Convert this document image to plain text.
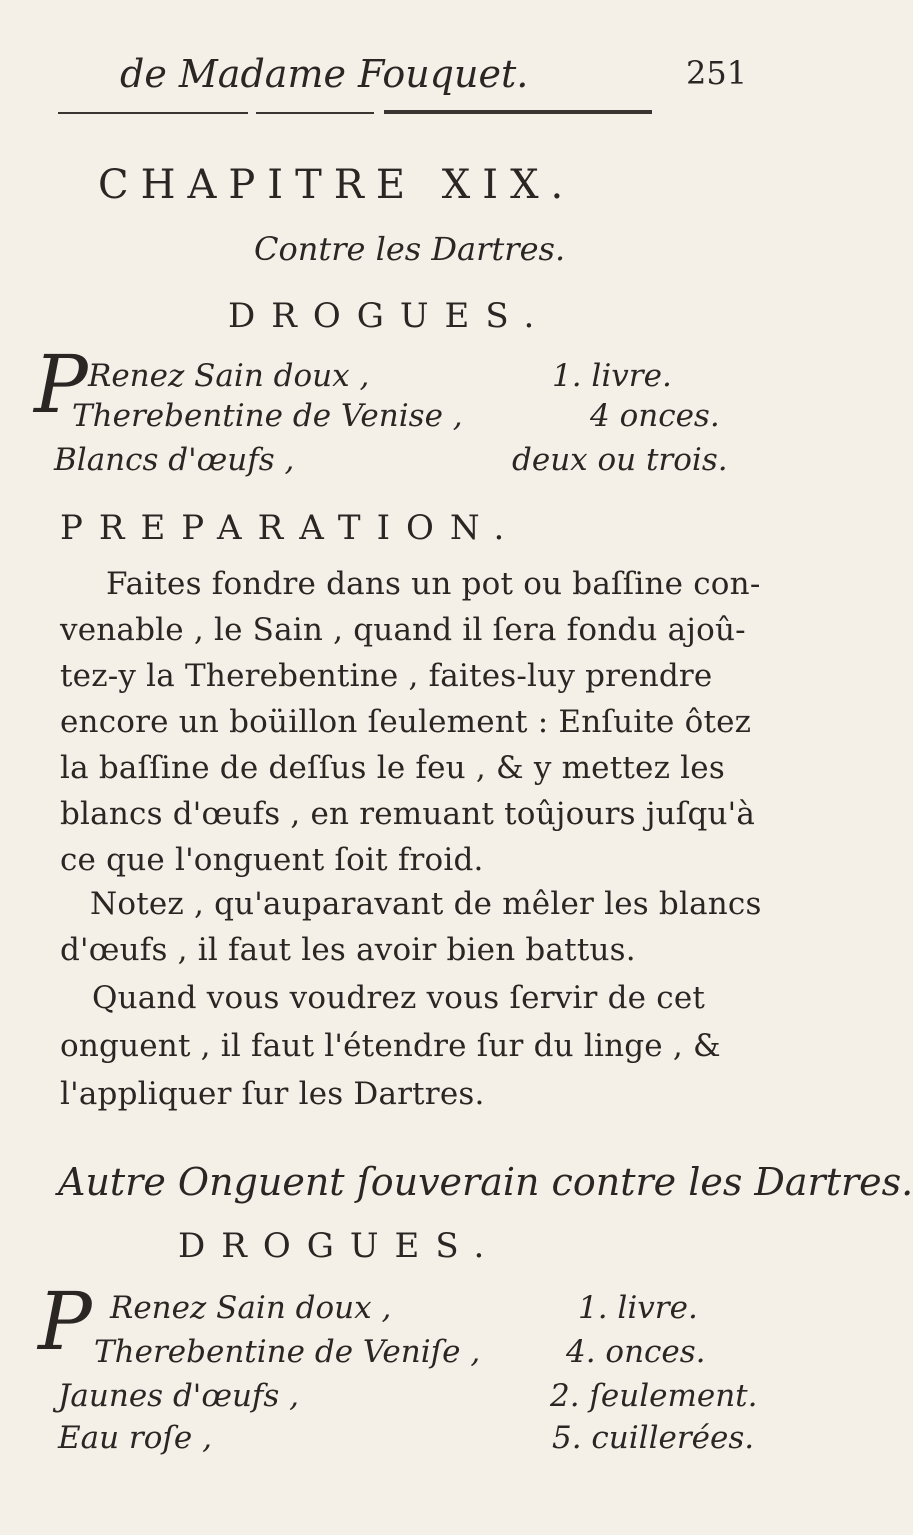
de Madame Fouquet.	251
CHAPITRE XIX.
Contre les Dartres.
DROGUES.
P Renez Sain doux ,	1. livre.
Therebentine de Venise ,	4 onces.
Blancs d'œufs ,	deux ou trois.
PREPARATION.
Faites fondre dans un pot ou baſſine con-
venable , le Sain , quand il ſera fondu ajoû-
tez-y la Therebentine , faites-luy prendre
encore un boüillon ſeulement : Enſuite ôtez
la baſſine de deſſus le feu , & y mettez les
blancs d'œufs , en remuant toûjours juſqu'à
ce que l'onguent ſoit froid.
Notez , qu'auparavant de mêler les blancs
d'œufs , il faut les avoir bien battus.
Quand vous voudrez vous ſervir de cet
onguent , il faut l'étendre ſur du linge , &
l'appliquer ſur les Dartres.
Autre Onguent ſouverain contre les Dartres.
DROGUES.
P Renez Sain doux ,	1. livre.
Therebentine de Veniſe ,	4. onces.
Jaunes d'œufs ,	2. ſeulement.
Eau roſe ,	5. cuillerées.
